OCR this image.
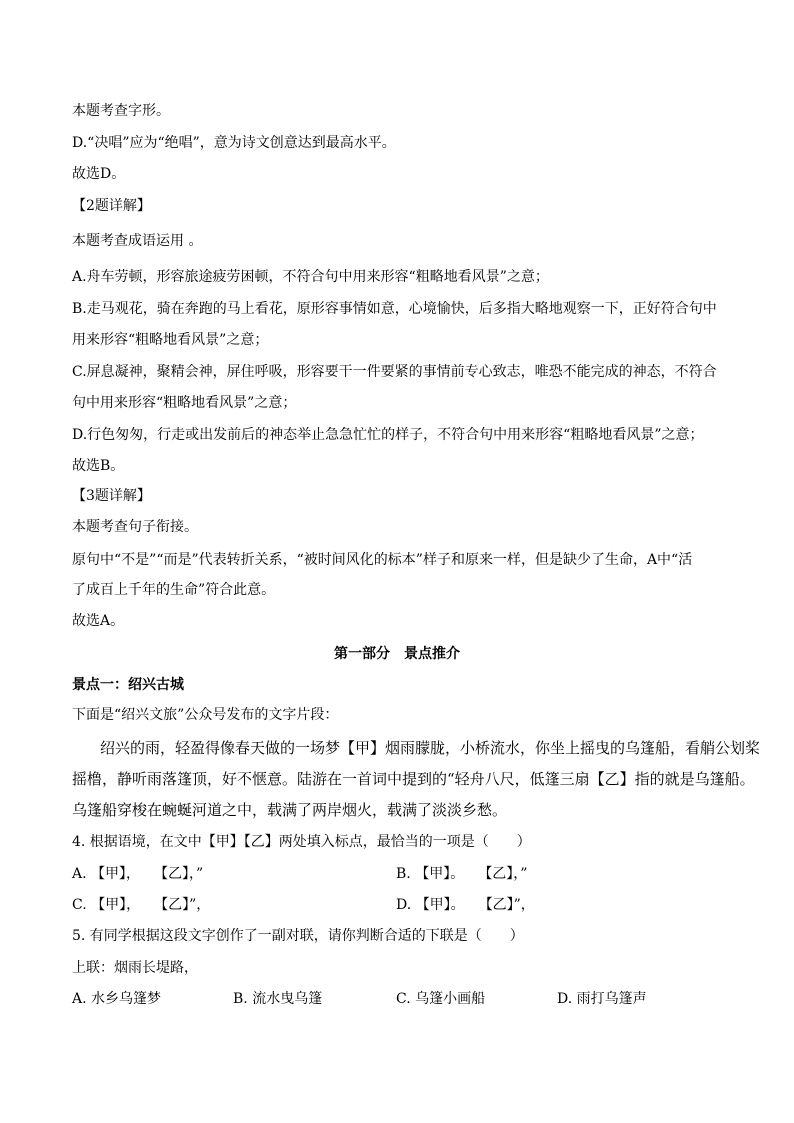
本题考查字形。
D.“决唱”应为“绝唱”，意为诗文创意达到最高水平。
故选D。
【2题详解】
本题考查成语运用 。
A.舟车劳顿，形容旅途疲劳困顿，不符合句中用来形容“粗略地看风景”之意；
B.走马观花，骑在奔跑的马上看花，原形容事情如意，心境愉快，后多指大略地观察一下，正好符合句中
用来形容“粗略地看风景”之意；
C.屏息凝神，聚精会神，屏住呼吸，形容要干一件要紧的事情前专心致志，唯恐不能完成的神态，不符合
句中用来形容“粗略地看风景”之意；
D.行色匆匆，行走或出发前后的神态举止急急忙忙的样子，不符合句中用来形容“粗略地看风景”之意；
故选B。
【3题详解】
本题考查句子衔接。
原句中“不是”“而是”代表转折关系，“被时间风化的标本”样子和原来一样，但是缺少了生命，A中“活
了成百上千年的生命”符合此意。
故选A。
第一部分　景点推介
景点一：绍兴古城
下面是“绍兴文旅”公众号发布的文字片段：
绍兴的雨，轻盈得像春天做的一场梦【甲】烟雨朦胧，小桥流水，你坐上摇曳的乌篷船，看艄公划桨
摇橹，静听雨落篷顶，好不惬意。陆游在一首词中提到的“轻舟八尺，低篷三扇【乙】指的就是乌篷船。
乌篷船穿梭在蜿蜒河道之中，载满了两岸烟火，载满了淡淡乡愁。
4. 根据语境，在文中【甲】【乙】两处填入标点，最恰当的一项是（　　）
A. 【甲】，　　【乙】，”	B. 【甲】。　　【乙】，”
C. 【甲】，　　【乙】”，	D. 【甲】。　　【乙】”，
5. 有同学根据这段文字创作了一副对联，请你判断合适的下联是（　　）
上联：烟雨长堤路，
A. 水乡乌篷梦	B. 流水曳乌篷	C. 乌篷小画船	D. 雨打乌篷声
